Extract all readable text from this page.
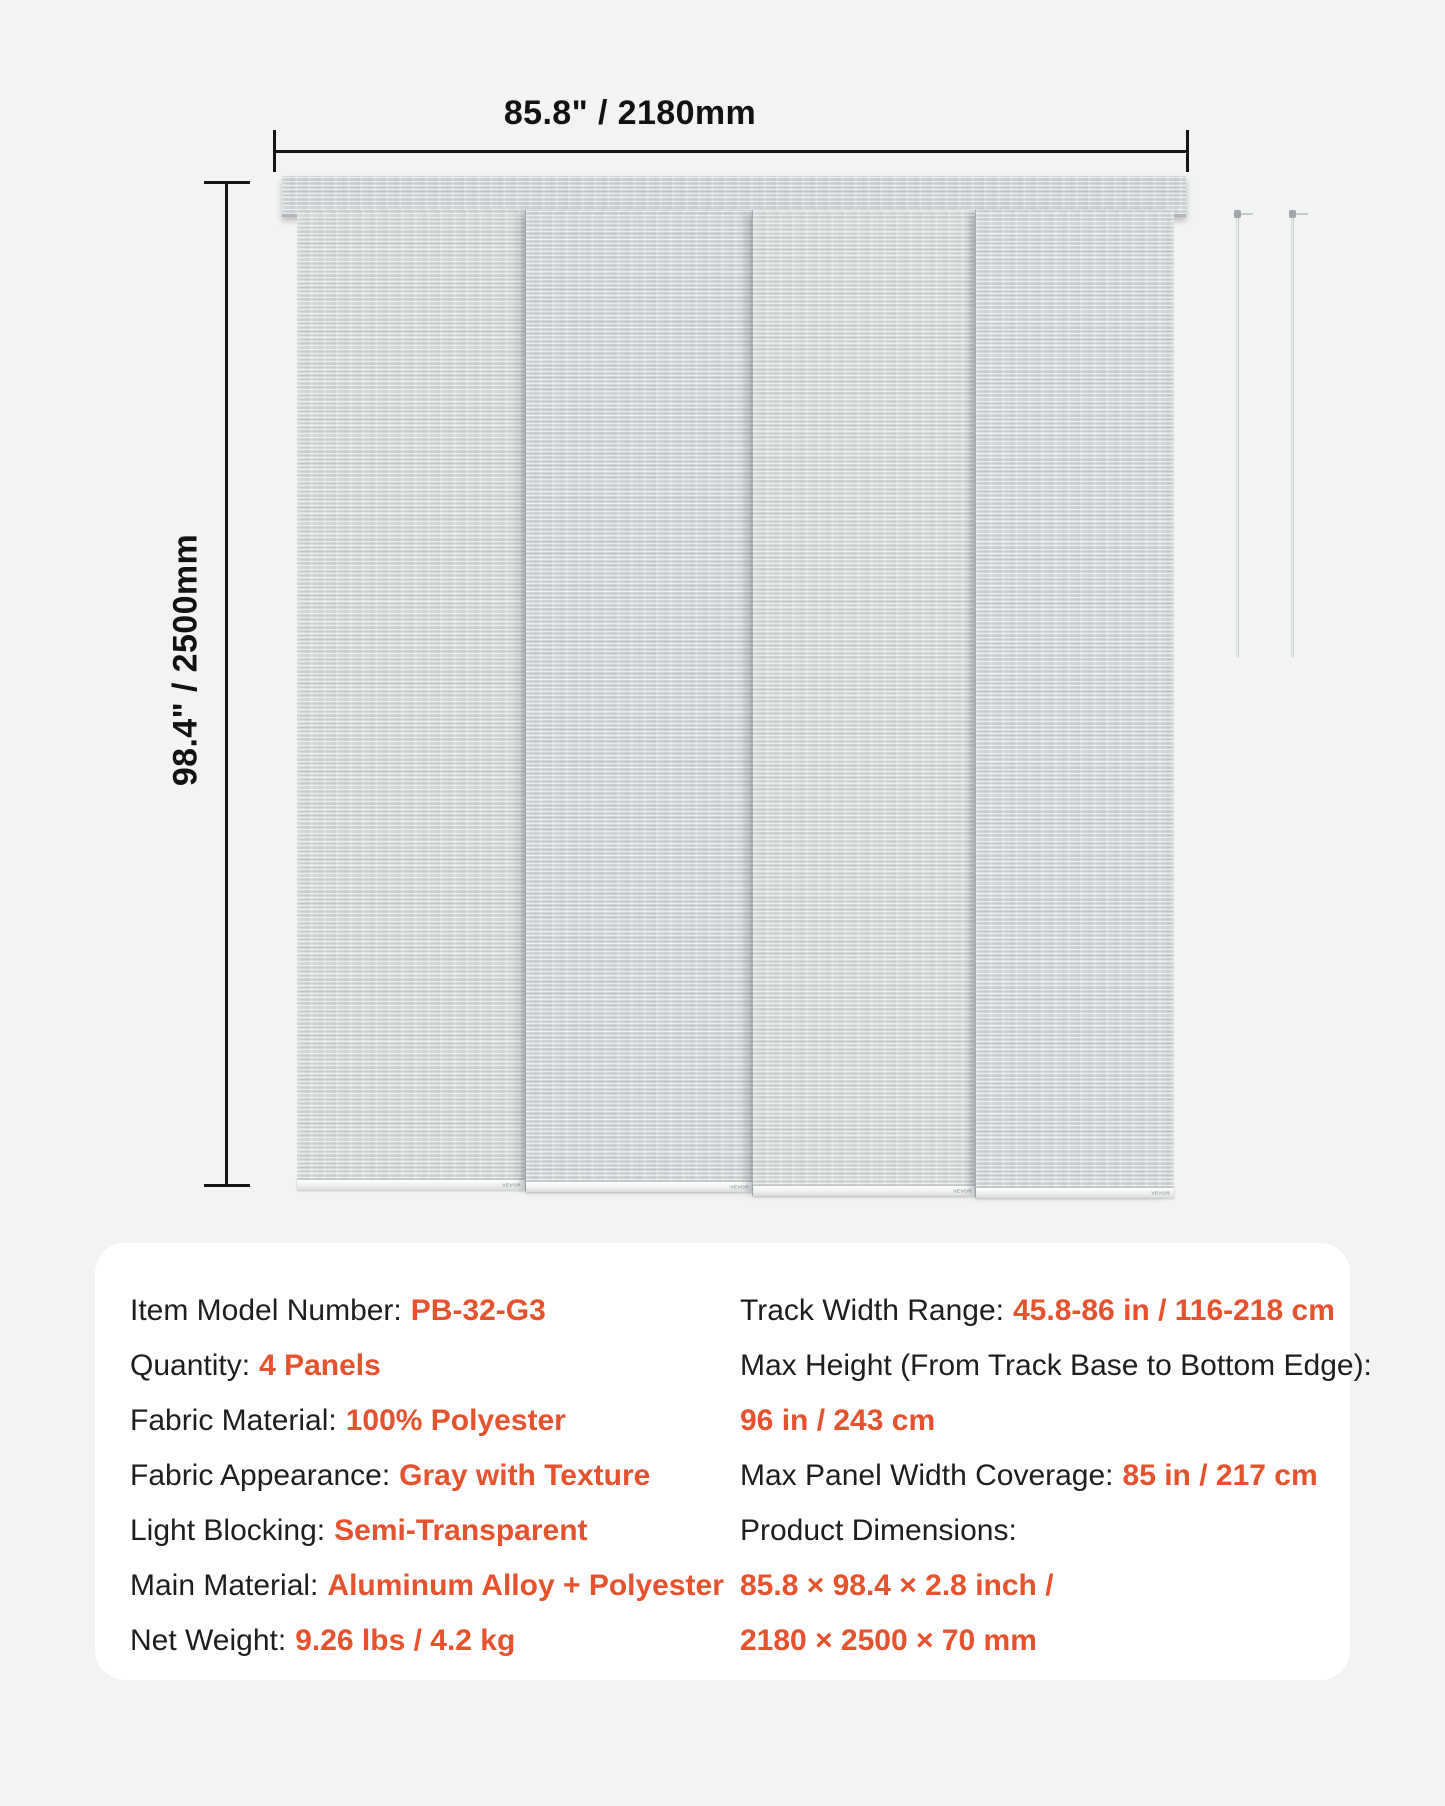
85.8" / 2180mm
98.4" / 2500mm
VEVOR	VEVOR
VEVOR	VEVOR
Item Model Number: PB-32-G3
Quantity: 4 Panels
Fabric Material: 100% Polyester
Fabric Appearance: Gray with Texture
Light Blocking: Semi-Transparent
Main Material: Aluminum Alloy + Polyester
Net Weight: 9.26 lbs / 4.2 kg
Track Width Range: 45.8-86 in / 116-218 cm
Max Height (From Track Base to Bottom Edge):
96 in / 243 cm
Max Panel Width Coverage: 85 in / 217 cm
Product Dimensions:
85.8 × 98.4 × 2.8 inch /
2180 × 2500 × 70 mm
